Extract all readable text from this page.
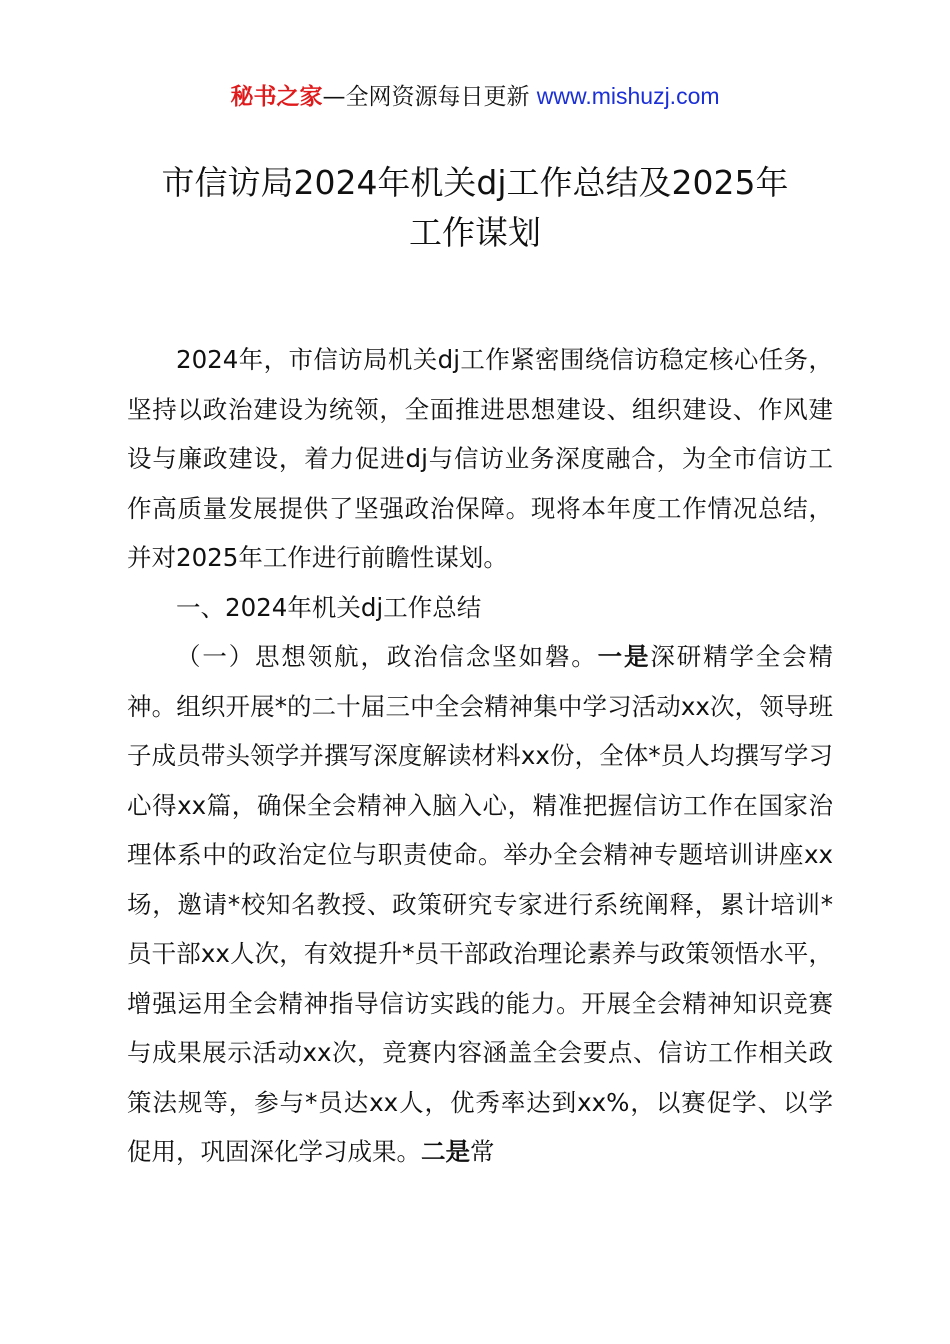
秘书之家—全网资源每日更新 www.mishuzj.com
市信访局2024年机关dj工作总结及2025年
工作谋划

2024年，市信访局机关dj工作紧密围绕信访稳定核心任务，坚持以政治建设为统领，全面推进思想建设、组织建设、作风建设与廉政建设，着力促进dj与信访业务深度融合，为全市信访工作高质量发展提供了坚强政治保障。现将本年度工作情况总结，并对2025年工作进行前瞻性谋划。

一、2024年机关dj工作总结

（一）思想领航，政治信念坚如磐。一是深研精学全会精神。组织开展*的二十届三中全会精神集中学习活动xx次，领导班子成员带头领学并撰写深度解读材料xx份，全体*员人均撰写学习心得xx篇，确保全会精神入脑入心，精准把握信访工作在国家治理体系中的政治定位与职责使命。举办全会精神专题培训讲座xx场，邀请*校知名教授、政策研究专家进行系统阐释，累计培训*员干部xx人次，有效提升*员干部政治理论素养与政策领悟水平，增强运用全会精神指导信访实践的能力。开展全会精神知识竞赛与成果展示活动xx次，竞赛内容涵盖全会要点、信访工作相关政策法规等，参与*员达xx人，优秀率达到xx%，以赛促学、以学促用，巩固深化学习成果。二是常
